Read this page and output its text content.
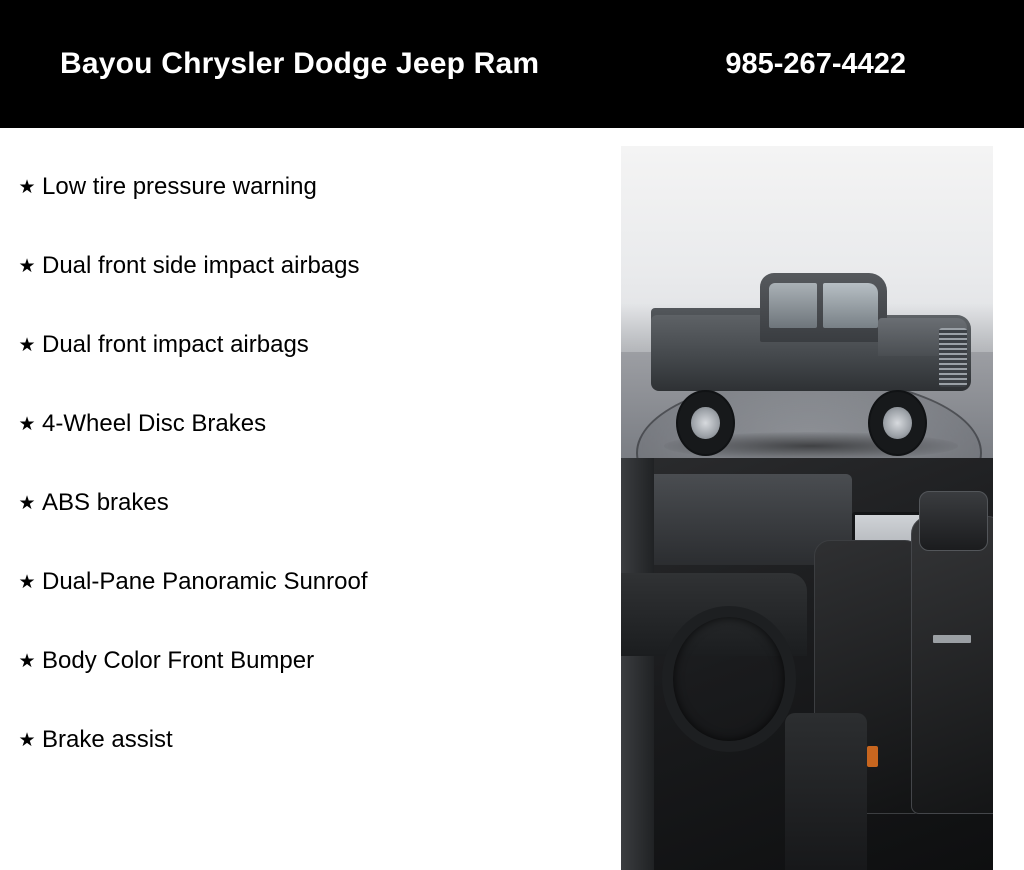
Bayou Chrysler Dodge Jeep Ram	985-267-4422
★ Low tire pressure warning
★ Dual front side impact airbags
★ Dual front impact airbags
★ 4-Wheel Disc Brakes
★ ABS brakes
★ Dual-Pane Panoramic Sunroof
★ Body Color Front Bumper
★ Brake assist
